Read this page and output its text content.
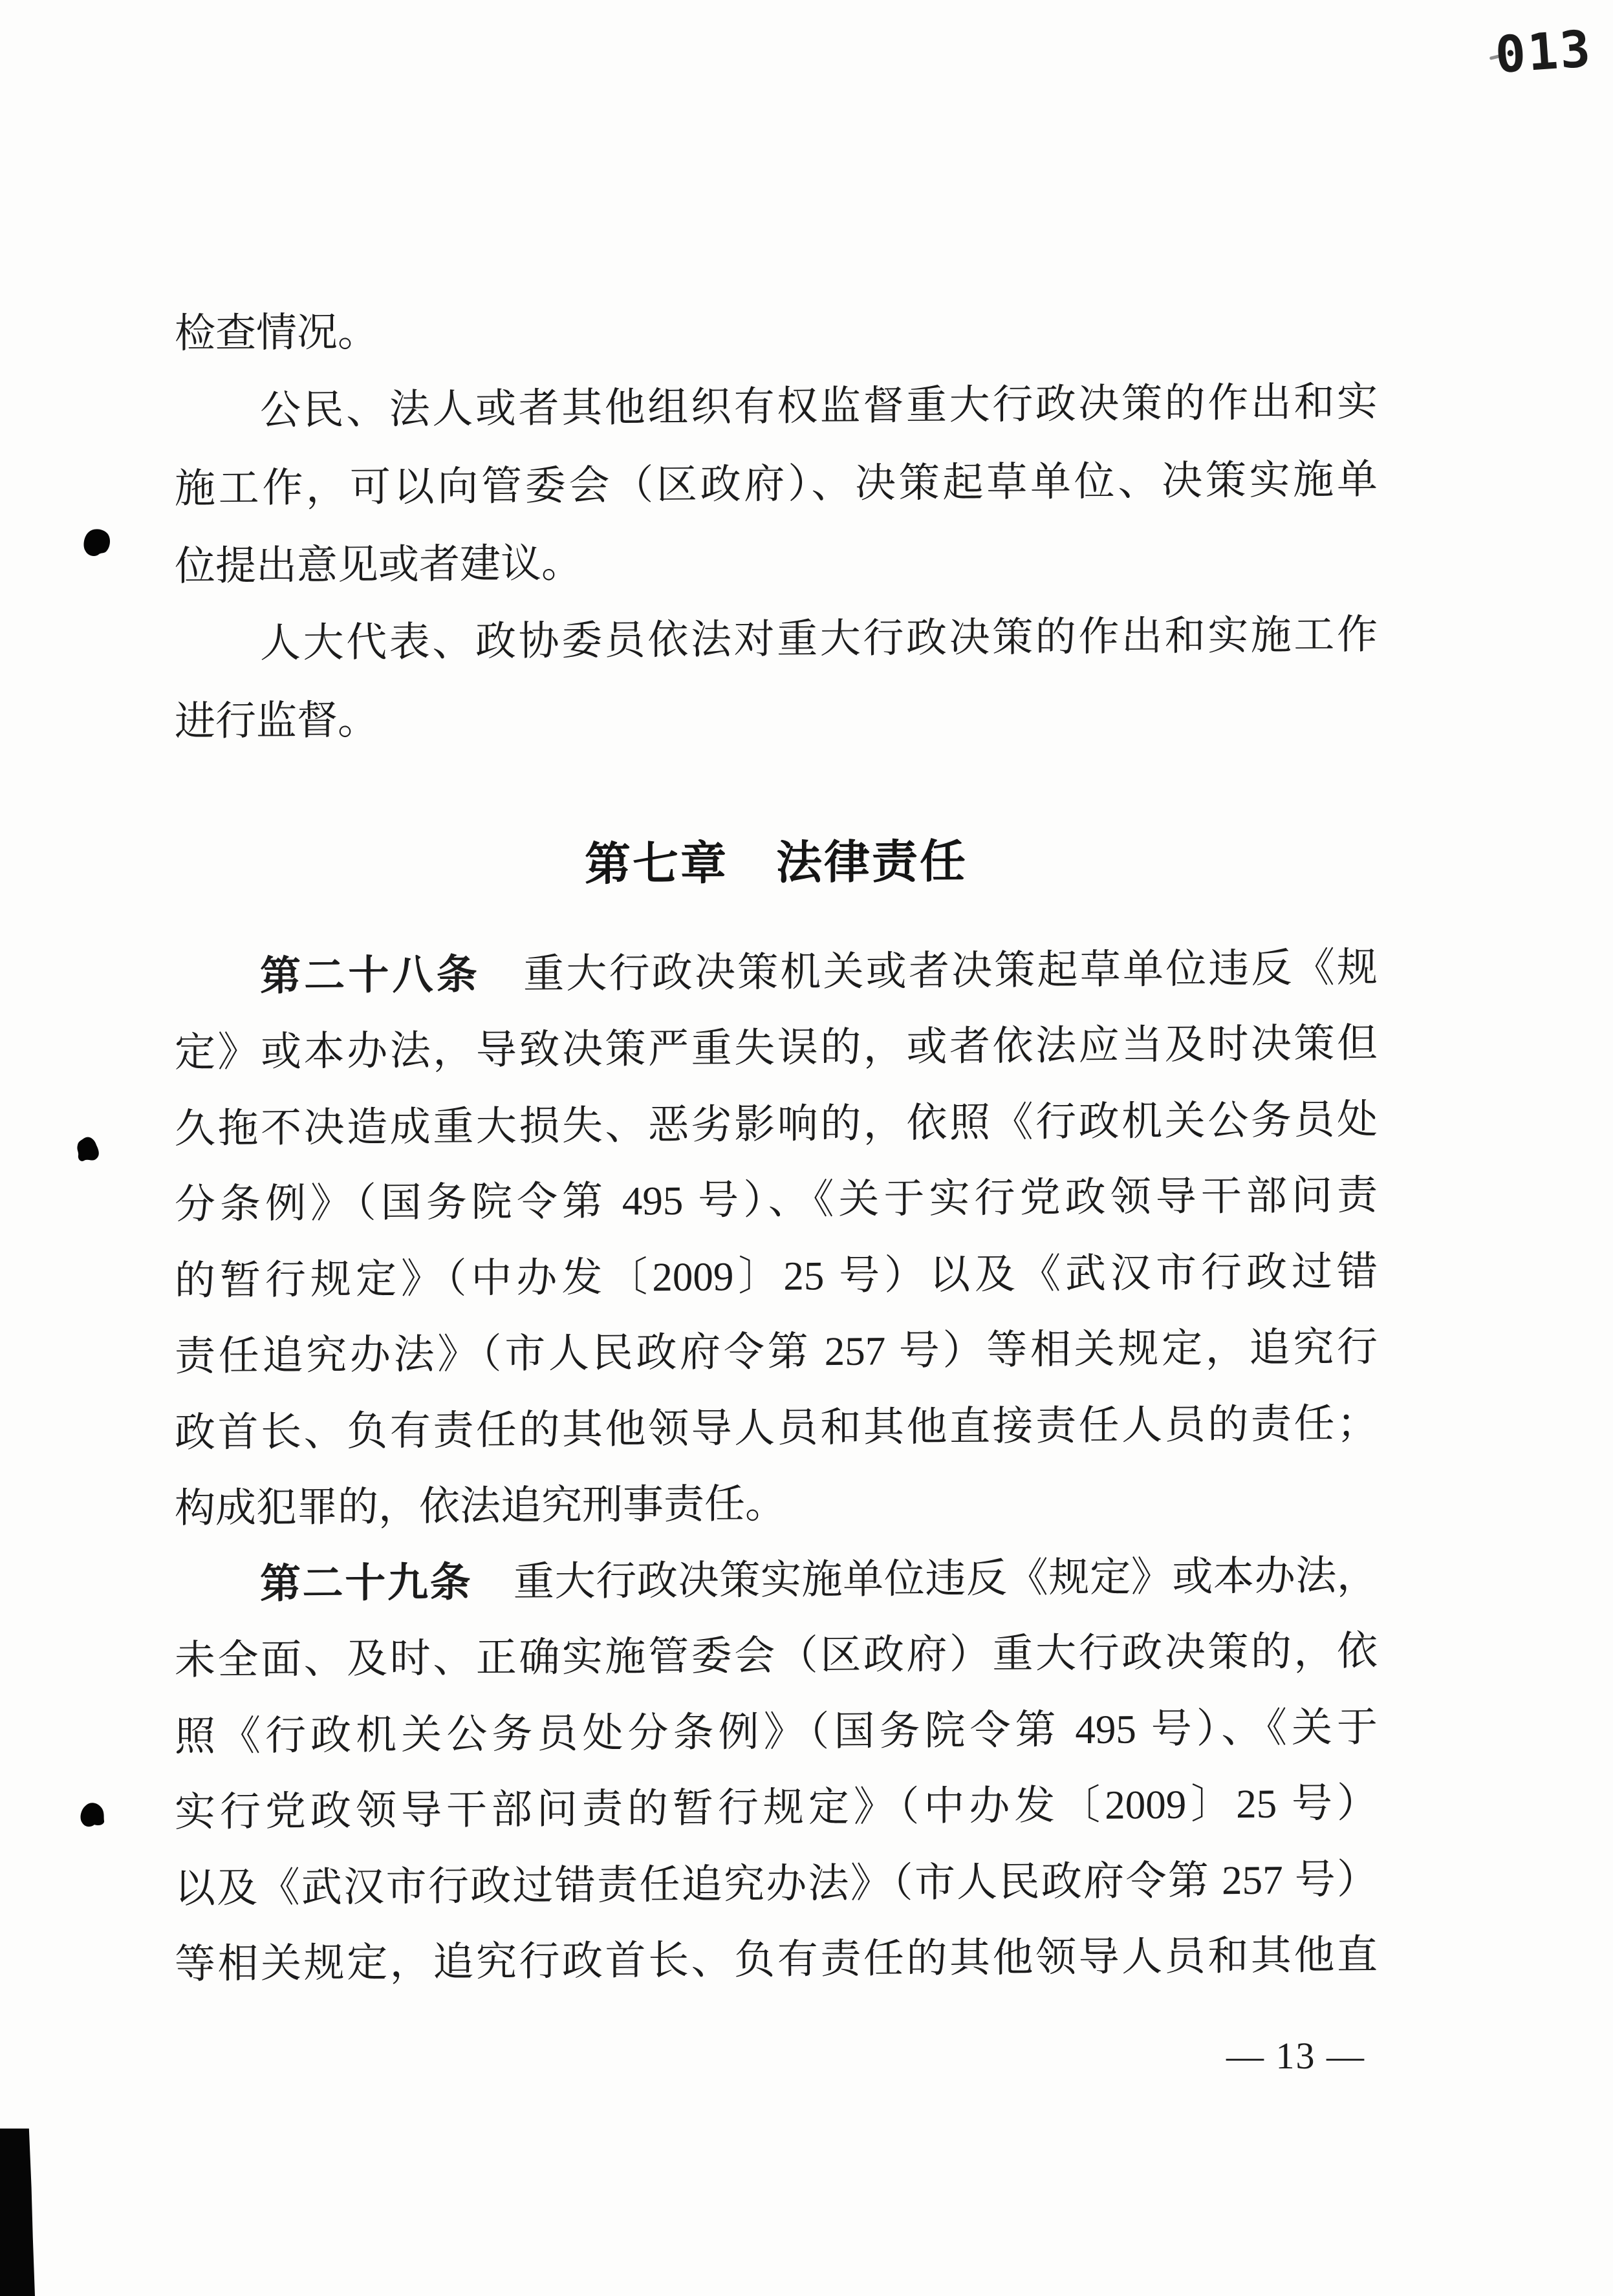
013
检查情况。
公民、法人或者其他组织有权监督重大行政决策的作出和实
施工作，可以向管委会（区政府）、决策起草单位、决策实施单
位提出意见或者建议。
人大代表、政协委员依法对重大行政决策的作出和实施工作
进行监督。
第七章　法律责任
第二十八条　重大行政决策机关或者决策起草单位违反《规
定》或本办法，导致决策严重失误的，或者依法应当及时决策但
久拖不决造成重大损失、恶劣影响的，依照《行政机关公务员处
分条例》（国务院令第 495 号）、《关于实行党政领导干部问责
的暂行规定》（中办发〔2009〕25 号）以及《武汉市行政过错
责任追究办法》（市人民政府令第 257 号）等相关规定，追究行
政首长、负有责任的其他领导人员和其他直接责任人员的责任；
构成犯罪的，依法追究刑事责任。
第二十九条　重大行政决策实施单位违反《规定》或本办法，
未全面、及时、正确实施管委会（区政府）重大行政决策的，依
照《行政机关公务员处分条例》（国务院令第 495 号）、《关于
实行党政领导干部问责的暂行规定》（中办发〔2009〕25 号）
以及《武汉市行政过错责任追究办法》（市人民政府令第 257 号）
等相关规定，追究行政首长、负有责任的其他领导人员和其他直
— 13 —
